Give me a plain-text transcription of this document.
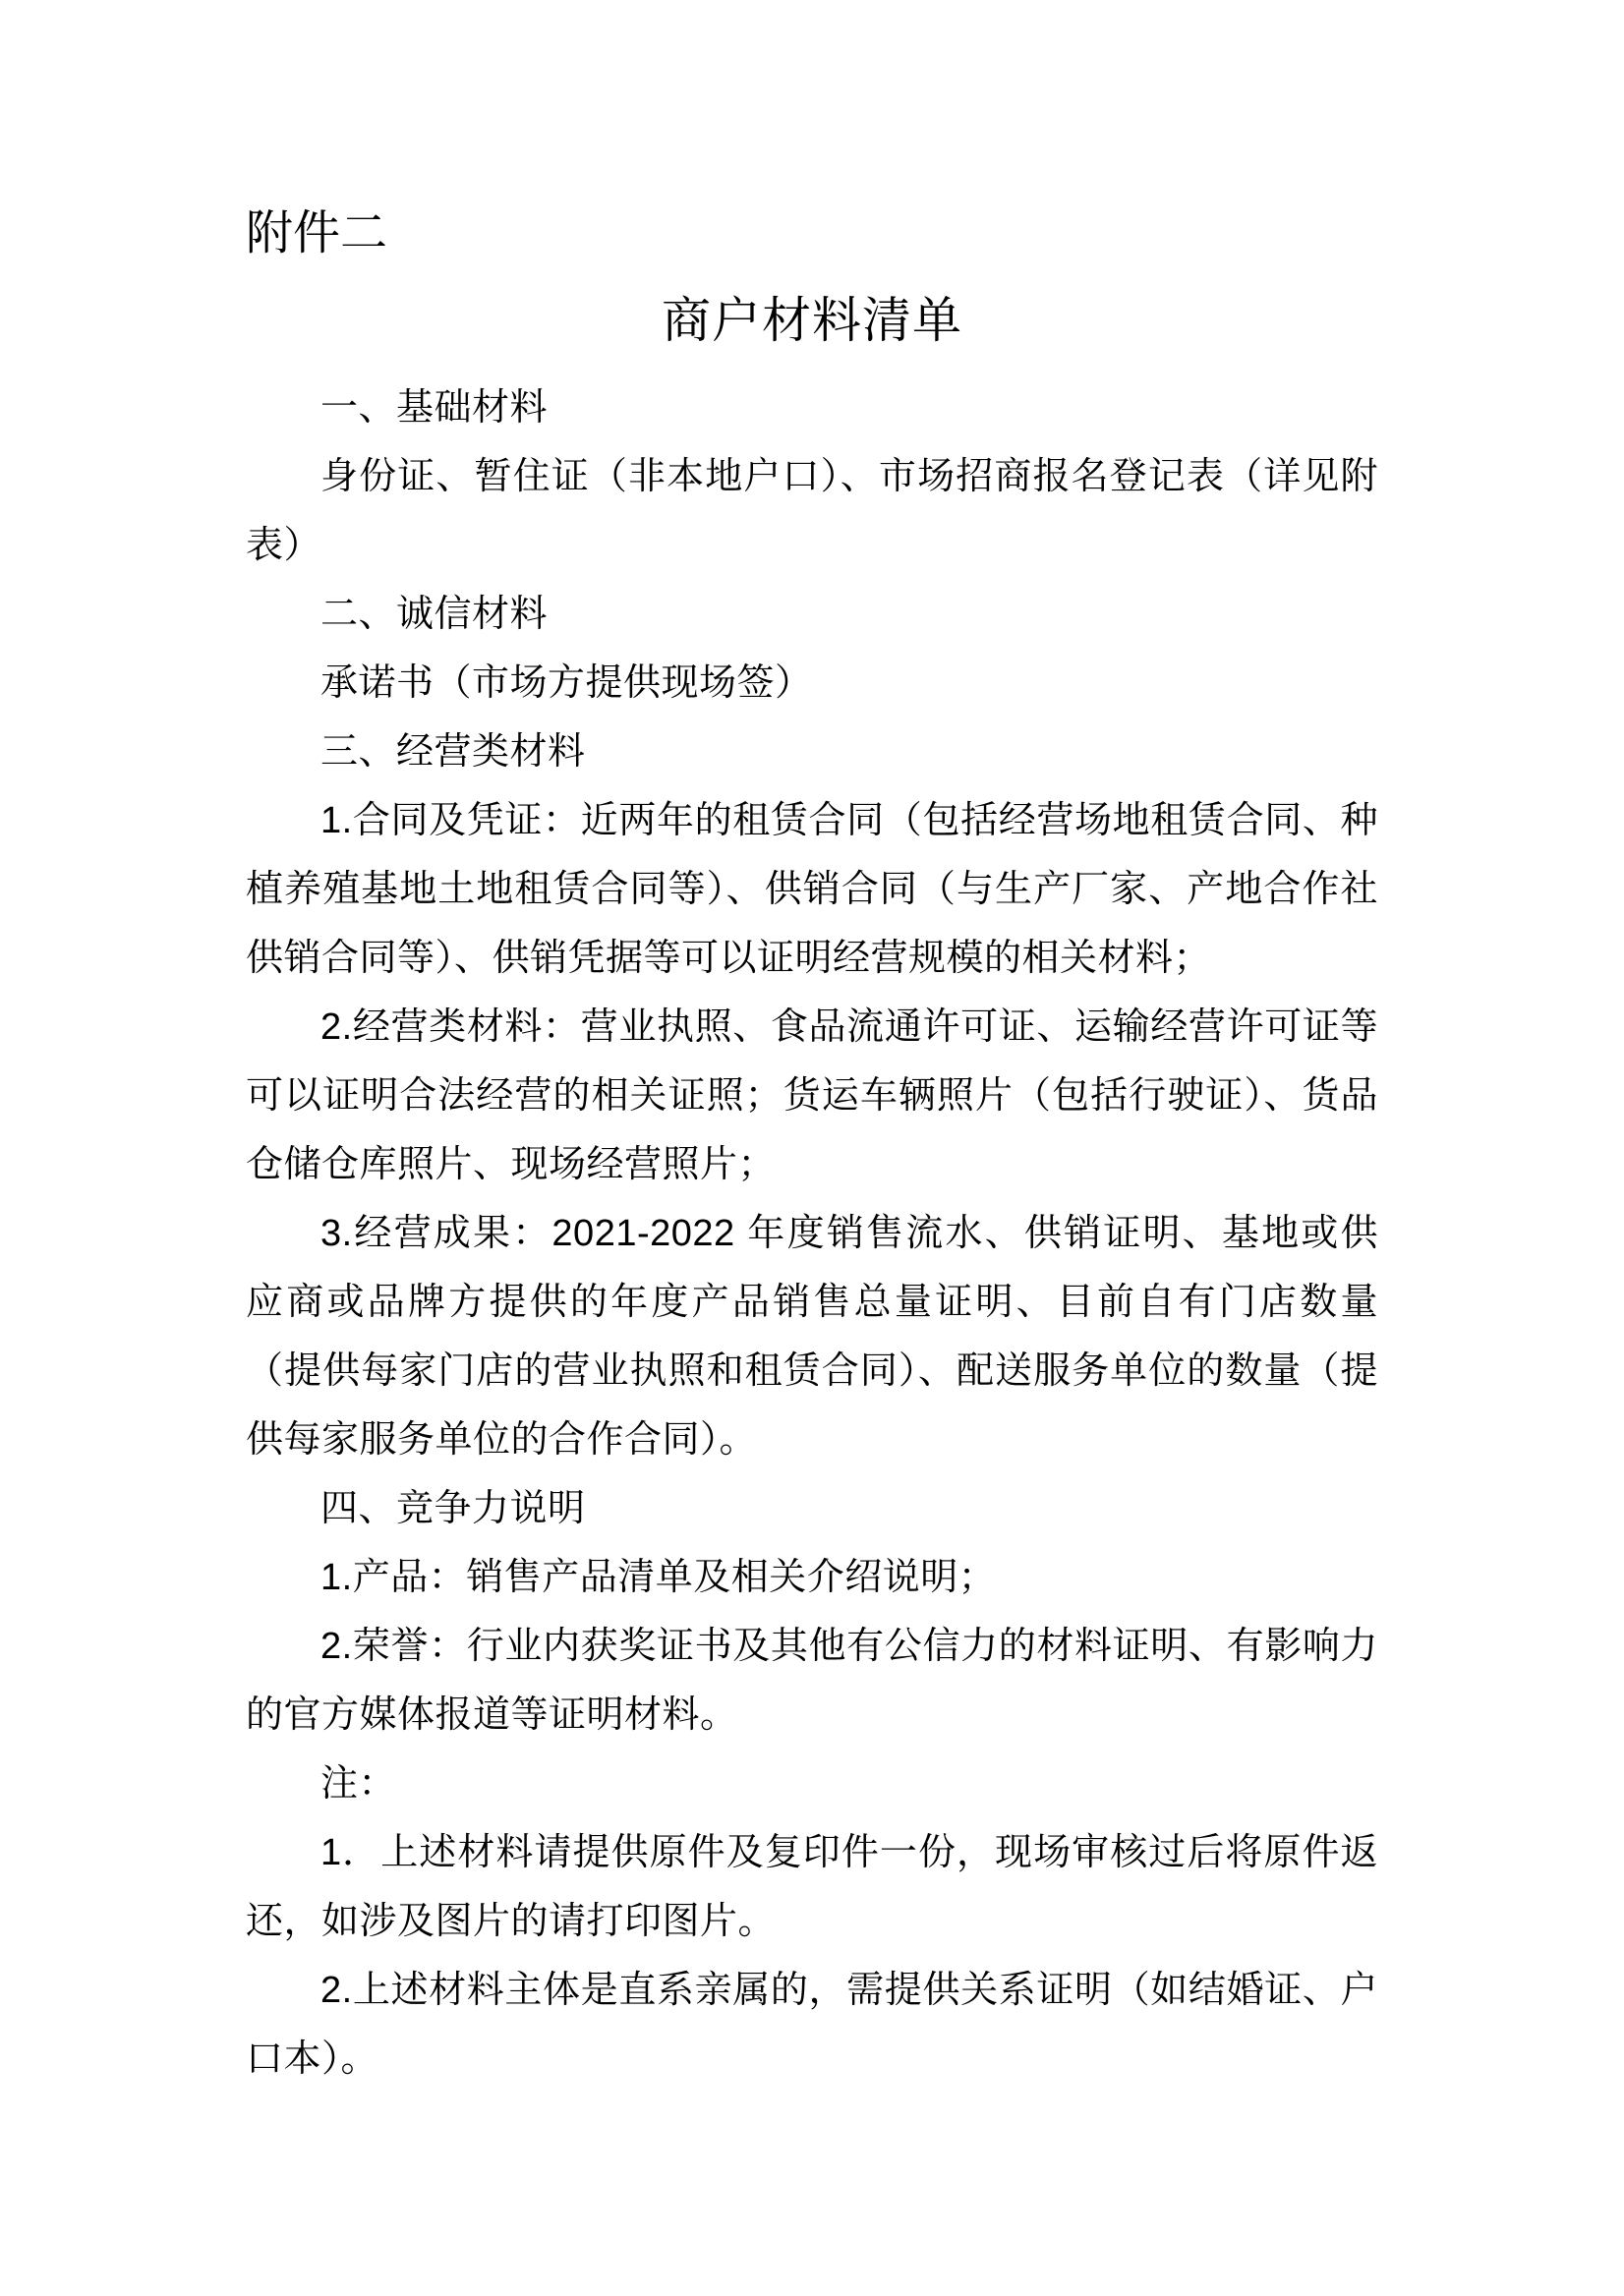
附件二
商户材料清单

一、基础材料

身份证、暂住证（非本地户口）、市场招商报名登记表（详见附表）

二、诚信材料

承诺书（市场方提供现场签）

三、经营类材料

1.合同及凭证：近两年的租赁合同（包括经营场地租赁合同、种植养殖基地土地租赁合同等）、供销合同（与生产厂家、产地合作社供销合同等）、供销凭据等可以证明经营规模的相关材料；

2.经营类材料：营业执照、食品流通许可证、运输经营许可证等可以证明合法经营的相关证照；货运车辆照片（包括行驶证）、货品仓储仓库照片、现场经营照片；

3.经营成果：2021-2022 年度销售流水、供销证明、基地或供应商或品牌方提供的年度产品销售总量证明、目前自有门店数量（提供每家门店的营业执照和租赁合同）、配送服务单位的数量（提供每家服务单位的合作合同）。

四、竞争力说明

1.产品：销售产品清单及相关介绍说明；

2.荣誉：行业内获奖证书及其他有公信力的材料证明、有影响力的官方媒体报道等证明材料。

注：

1．上述材料请提供原件及复印件一份，现场审核过后将原件返还，如涉及图片的请打印图片。

2.上述材料主体是直系亲属的，需提供关系证明（如结婚证、户口本）。
